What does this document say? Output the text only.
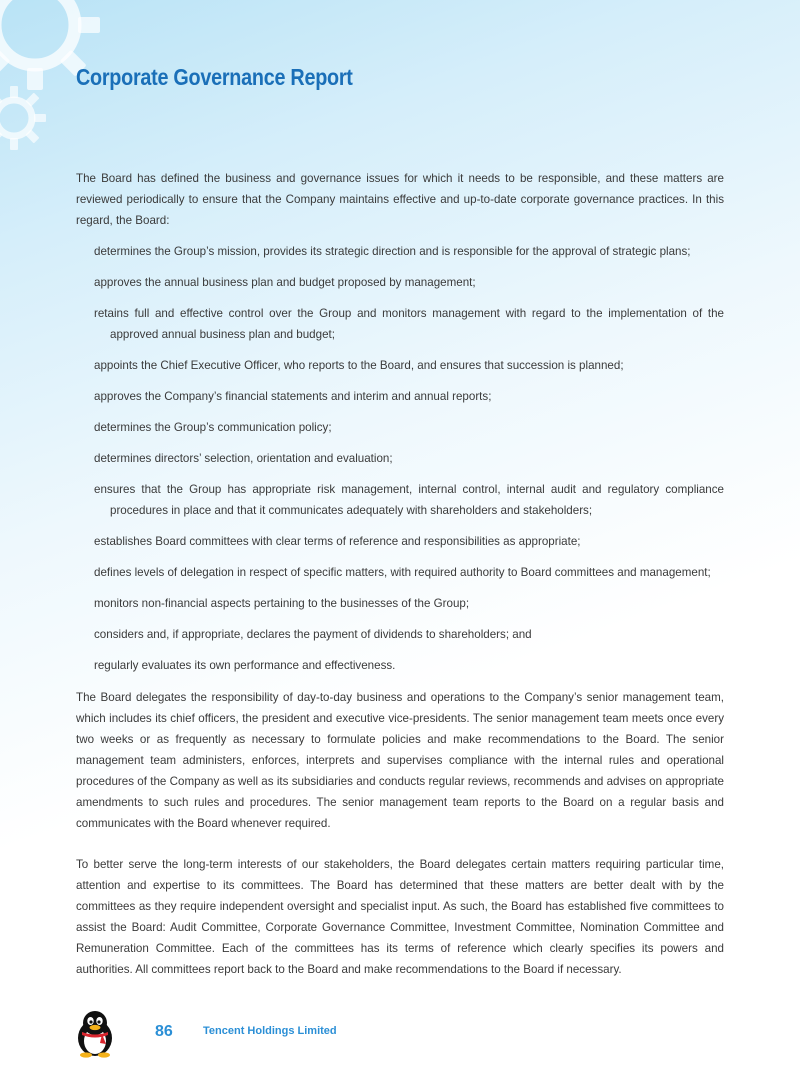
Corporate Governance Report

The Board has defined the business and governance issues for which it needs to be responsible, and these matters are reviewed periodically to ensure that the Company maintains effective and up-to-date corporate governance practices. In this regard, the Board:

determines the Group’s mission, provides its strategic direction and is responsible for the approval of strategic plans;
approves the annual business plan and budget proposed by management;
retains full and effective control over the Group and monitors management with regard to the implementation of the approved annual business plan and budget;
appoints the Chief Executive Officer, who reports to the Board, and ensures that succession is planned;
approves the Company’s financial statements and interim and annual reports;
determines the Group’s communication policy;
determines directors’ selection, orientation and evaluation;
ensures that the Group has appropriate risk management, internal control, internal audit and regulatory compliance procedures in place and that it communicates adequately with shareholders and stakeholders;
establishes Board committees with clear terms of reference and responsibilities as appropriate;
defines levels of delegation in respect of specific matters, with required authority to Board committees and management;
monitors non-financial aspects pertaining to the businesses of the Group;
considers and, if appropriate, declares the payment of dividends to shareholders; and
regularly evaluates its own performance and effectiveness.

The Board delegates the responsibility of day-to-day business and operations to the Company’s senior management team, which includes its chief officers, the president and executive vice-presidents. The senior management team meets once every two weeks or as frequently as necessary to formulate policies and make recommendations to the Board. The senior management team administers, enforces, interprets and supervises compliance with the internal rules and operational procedures of the Company as well as its subsidiaries and conducts regular reviews, recommends and advises on appropriate amendments to such rules and procedures. The senior management team reports to the Board on a regular basis and communicates with the Board whenever required.

To better serve the long-term interests of our stakeholders, the Board delegates certain matters requiring particular time, attention and expertise to its committees. The Board has determined that these matters are better dealt with by the committees as they require independent oversight and specialist input. As such, the Board has established five committees to assist the Board: Audit Committee, Corporate Governance Committee, Investment Committee, Nomination Committee and Remuneration Committee. Each of the committees has its terms of reference which clearly specifies its powers and authorities. All committees report back to the Board and make recommendations to the Board if necessary.

86	Tencent Holdings Limited
